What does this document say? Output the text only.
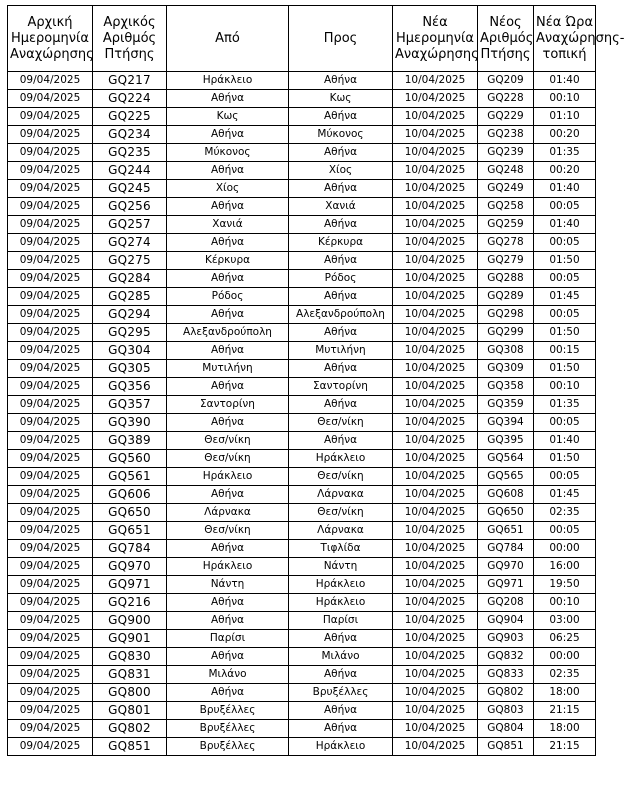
Αρχική Ημερομηνία Αναχώρησης	Αρχικός Αριθμός Πτήσης	Από	Προς	Νέα Ημερομηνία Αναχώρησης	Νέος Αριθμός Πτήσης	Νέα Ώρα Αναχώρησης-τοπική
09/04/2025	GQ217	Ηράκλειο	Αθήνα	10/04/2025	GQ209	01:40
09/04/2025	GQ224	Αθήνα	Κως	10/04/2025	GQ228	00:10
09/04/2025	GQ225	Κως	Αθήνα	10/04/2025	GQ229	01:10
09/04/2025	GQ234	Αθήνα	Μύκονος	10/04/2025	GQ238	00:20
09/04/2025	GQ235	Μύκονος	Αθήνα	10/04/2025	GQ239	01:35
09/04/2025	GQ244	Αθήνα	Χίος	10/04/2025	GQ248	00:20
09/04/2025	GQ245	Χίος	Αθήνα	10/04/2025	GQ249	01:40
09/04/2025	GQ256	Αθήνα	Χανιά	10/04/2025	GQ258	00:05
09/04/2025	GQ257	Χανιά	Αθήνα	10/04/2025	GQ259	01:40
09/04/2025	GQ274	Αθήνα	Κέρκυρα	10/04/2025	GQ278	00:05
09/04/2025	GQ275	Κέρκυρα	Αθήνα	10/04/2025	GQ279	01:50
09/04/2025	GQ284	Αθήνα	Ρόδος	10/04/2025	GQ288	00:05
09/04/2025	GQ285	Ρόδος	Αθήνα	10/04/2025	GQ289	01:45
09/04/2025	GQ294	Αθήνα	Αλεξανδρούπολη	10/04/2025	GQ298	00:05
09/04/2025	GQ295	Αλεξανδρούπολη	Αθήνα	10/04/2025	GQ299	01:50
09/04/2025	GQ304	Αθήνα	Μυτιλήνη	10/04/2025	GQ308	00:15
09/04/2025	GQ305	Μυτιλήνη	Αθήνα	10/04/2025	GQ309	01:50
09/04/2025	GQ356	Αθήνα	Σαντορίνη	10/04/2025	GQ358	00:10
09/04/2025	GQ357	Σαντορίνη	Αθήνα	10/04/2025	GQ359	01:35
09/04/2025	GQ390	Αθήνα	Θεσ/νίκη	10/04/2025	GQ394	00:05
09/04/2025	GQ389	Θεσ/νίκη	Αθήνα	10/04/2025	GQ395	01:40
09/04/2025	GQ560	Θεσ/νίκη	Ηράκλειο	10/04/2025	GQ564	01:50
09/04/2025	GQ561	Ηράκλειο	Θεσ/νίκη	10/04/2025	GQ565	00:05
09/04/2025	GQ606	Αθήνα	Λάρνακα	10/04/2025	GQ608	01:45
09/04/2025	GQ650	Λάρνακα	Θεσ/νίκη	10/04/2025	GQ650	02:35
09/04/2025	GQ651	Θεσ/νίκη	Λάρνακα	10/04/2025	GQ651	00:05
09/04/2025	GQ784	Αθήνα	Τιφλίδα	10/04/2025	GQ784	00:00
09/04/2025	GQ970	Ηράκλειο	Νάντη	10/04/2025	GQ970	16:00
09/04/2025	GQ971	Νάντη	Ηράκλειο	10/04/2025	GQ971	19:50
09/04/2025	GQ216	Αθήνα	Ηράκλειο	10/04/2025	GQ208	00:10
09/04/2025	GQ900	Αθήνα	Παρίσι	10/04/2025	GQ904	03:00
09/04/2025	GQ901	Παρίσι	Αθήνα	10/04/2025	GQ903	06:25
09/04/2025	GQ830	Αθήνα	Μιλάνο	10/04/2025	GQ832	00:00
09/04/2025	GQ831	Μιλάνο	Αθήνα	10/04/2025	GQ833	02:35
09/04/2025	GQ800	Αθήνα	Βρυξέλλες	10/04/2025	GQ802	18:00
09/04/2025	GQ801	Βρυξέλλες	Αθήνα	10/04/2025	GQ803	21:15
09/04/2025	GQ802	Βρυξέλλες	Αθήνα	10/04/2025	GQ804	18:00
09/04/2025	GQ851	Βρυξέλλες	Ηράκλειο	10/04/2025	GQ851	21:15
